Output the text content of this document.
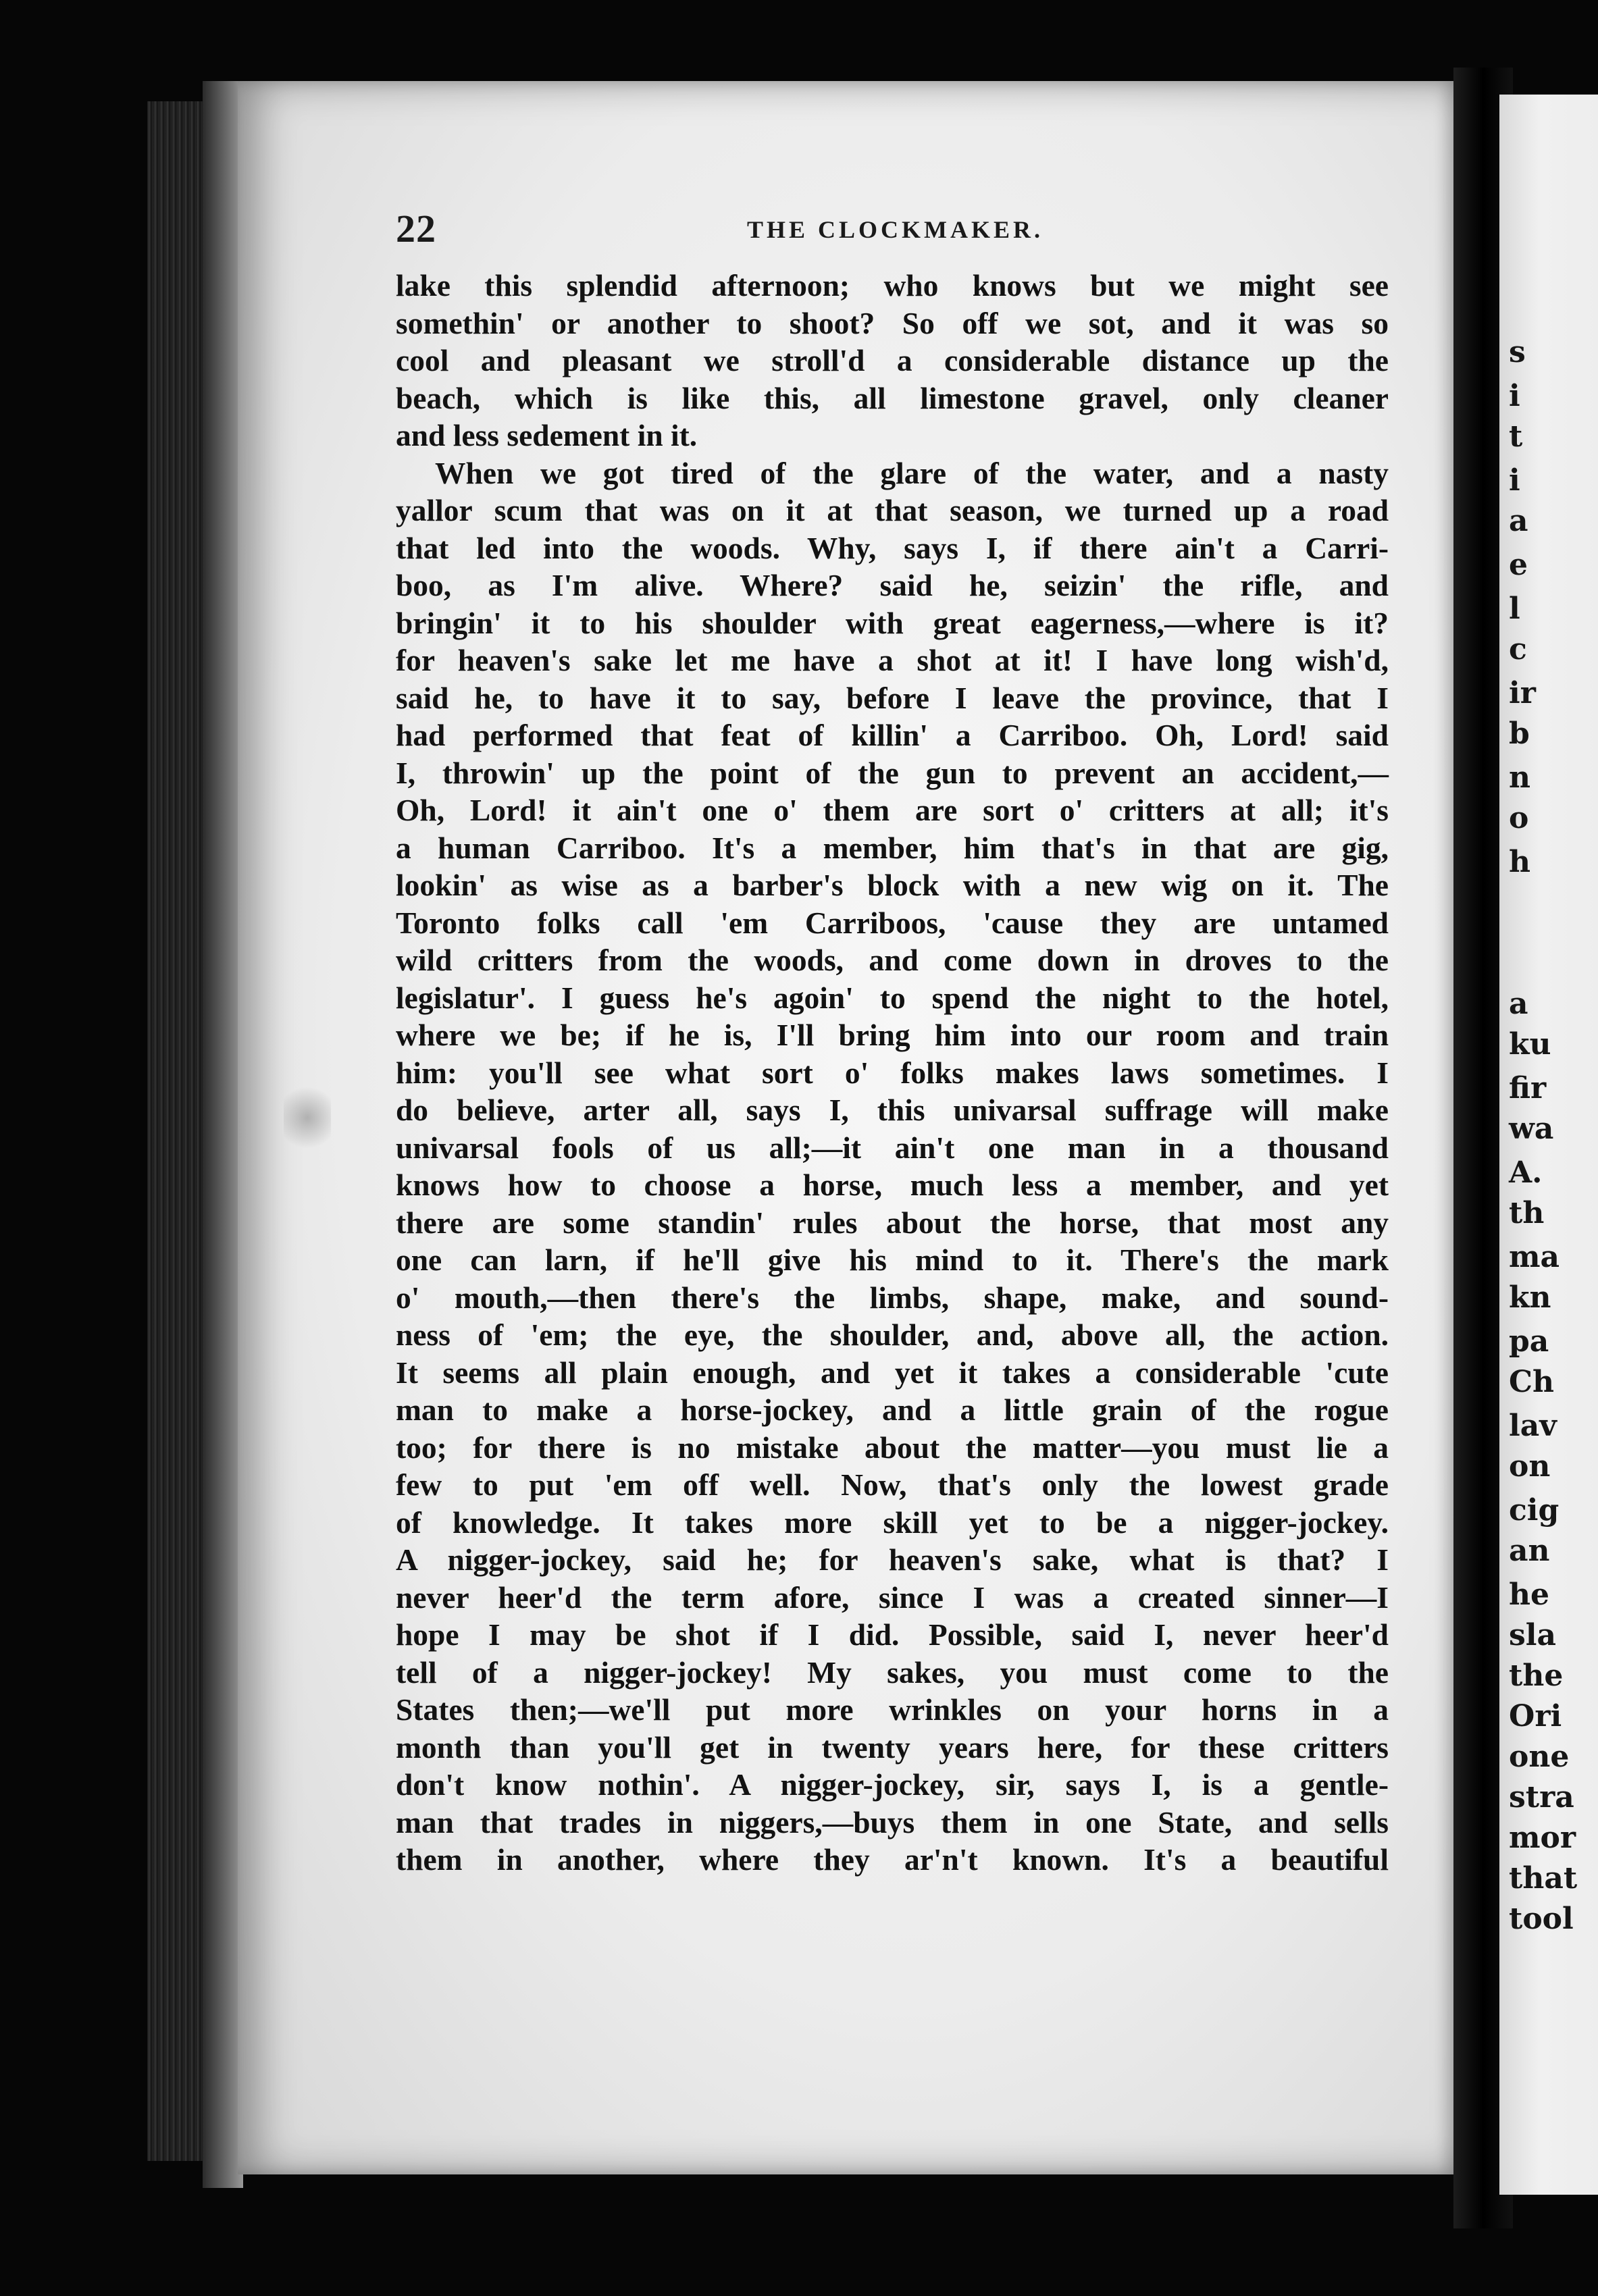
22	THE CLOCKMAKER.
lake this splendid afternoon; who knows but we might see
somethin' or another to shoot? So off we sot, and it was so
cool and pleasant we stroll'd a considerable distance up the
beach, which is like this, all limestone gravel, only cleaner
and less sedement in it.
When we got tired of the glare of the water, and a nasty
yallor scum that was on it at that season, we turned up a road
that led into the woods. Why, says I, if there ain't a Carri-
boo, as I'm alive. Where? said he, seizin' the rifle, and
bringin' it to his shoulder with great eagerness,—where is it?
for heaven's sake let me have a shot at it! I have long wish'd,
said he, to have it to say, before I leave the province, that I
had performed that feat of killin' a Carriboo. Oh, Lord! said
I, throwin' up the point of the gun to prevent an accident,—
Oh, Lord! it ain't one o' them are sort o' critters at all; it's
a human Carriboo. It's a member, him that's in that are gig,
lookin' as wise as a barber's block with a new wig on it. The
Toronto folks call 'em Carriboos, 'cause they are untamed
wild critters from the woods, and come down in droves to the
legislatur'. I guess he's agoin' to spend the night to the hotel,
where we be; if he is, I'll bring him into our room and train
him: you'll see what sort o' folks makes laws sometimes. I
do believe, arter all, says I, this univarsal suffrage will make
univarsal fools of us all;—it ain't one man in a thousand
knows how to choose a horse, much less a member, and yet
there are some standin' rules about the horse, that most any
one can larn, if he'll give his mind to it. There's the mark
o' mouth,—then there's the limbs, shape, make, and sound-
ness of 'em; the eye, the shoulder, and, above all, the action.
It seems all plain enough, and yet it takes a considerable 'cute
man to make a horse-jockey, and a little grain of the rogue
too; for there is no mistake about the matter—you must lie a
few to put 'em off well. Now, that's only the lowest grade
of knowledge. It takes more skill yet to be a nigger-jockey.
A nigger-jockey, said he; for heaven's sake, what is that? I
never heer'd the term afore, since I was a created sinner—I
hope I may be shot if I did. Possible, said I, never heer'd
tell of a nigger-jockey! My sakes, you must come to the
States then;—we'll put more wrinkles on your horns in a
month than you'll get in twenty years here, for these critters
don't know nothin'. A nigger-jockey, sir, says I, is a gentle-
man that trades in niggers,—buys them in one State, and sells
them in another, where they ar'n't known. It's a beautiful
s
i
t
i
a
e
l
c
ir
b
n
o
h
a
ku
fir
wa
A.
th
ma
kn
pa
Ch
lav
on
cig
an
he
sla
the
Ori
one
stra
mor
that
tool
